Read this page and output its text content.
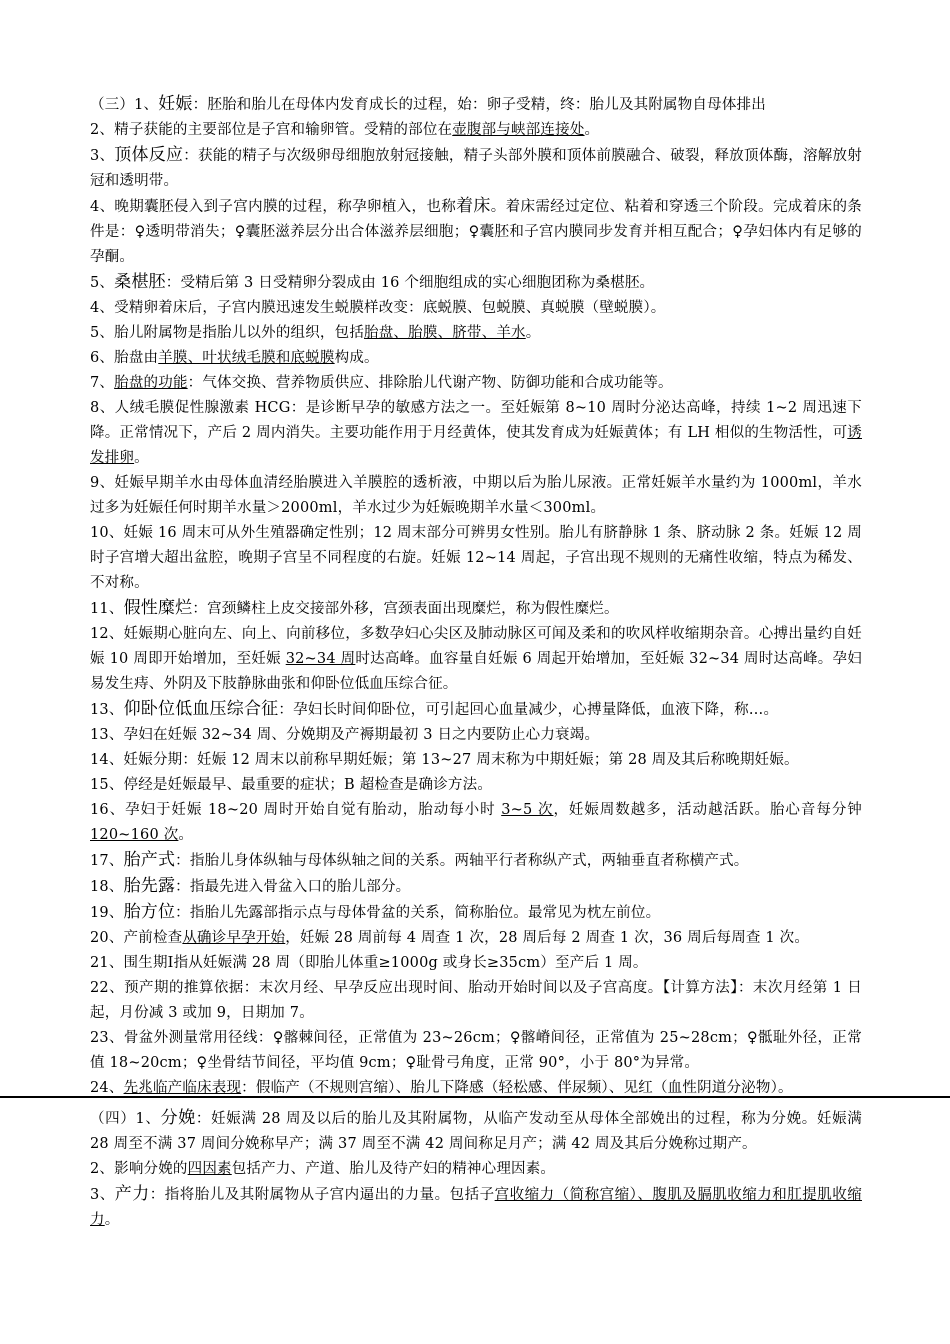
（三）1、妊娠：胚胎和胎儿在母体内发育成长的过程，始：卵子受精，终：胎儿及其附属物自母体排出

2、精子获能的主要部位是子宫和输卵管。受精的部位在壶腹部与峡部连接处。

3、顶体反应：获能的精子与次级卵母细胞放射冠接触，精子头部外膜和顶体前膜融合、破裂，释放顶体酶，溶解放射冠和透明带。

4、晚期囊胚侵入到子宫内膜的过程，称孕卵植入，也称着床。着床需经过定位、粘着和穿透三个阶段。完成着床的条件是：♀透明带消失；♀囊胚滋养层分出合体滋养层细胞；♀囊胚和子宫内膜同步发育并相互配合；♀孕妇体内有足够的孕酮。

5、桑椹胚：受精后第 3 日受精卵分裂成由 16 个细胞组成的实心细胞团称为桑椹胚。

4、受精卵着床后，子宫内膜迅速发生蜕膜样改变：底蜕膜、包蜕膜、真蜕膜（壁蜕膜）。

5、胎儿附属物是指胎儿以外的组织，包括胎盘、胎膜、脐带、羊水。

6、胎盘由羊膜、叶状绒毛膜和底蜕膜构成。

7、胎盘的功能：气体交换、营养物质供应、排除胎儿代谢产物、防御功能和合成功能等。

8、人绒毛膜促性腺激素 HCG：是诊断早孕的敏感方法之一。至妊娠第 8~10 周时分泌达高峰，持续 1~2 周迅速下降。正常情况下，产后 2 周内消失。主要功能作用于月经黄体，使其发育成为妊娠黄体；有 LH 相似的生物活性，可诱发排卵。

9、妊娠早期羊水由母体血清经胎膜进入羊膜腔的透析液，中期以后为胎儿尿液。正常妊娠羊水量约为 1000ml，羊水过多为妊娠任何时期羊水量＞2000ml，羊水过少为妊娠晚期羊水量＜300ml。

10、妊娠 16 周末可从外生殖器确定性别；12 周末部分可辨男女性别。胎儿有脐静脉 1 条、脐动脉 2 条。妊娠 12 周时子宫增大超出盆腔，晚期子宫呈不同程度的右旋。妊娠 12~14 周起，子宫出现不规则的无痛性收缩，特点为稀发、不对称。

11、假性糜烂：宫颈鳞柱上皮交接部外移，宫颈表面出现糜烂，称为假性糜烂。

12、妊娠期心脏向左、向上、向前移位，多数孕妇心尖区及肺动脉区可闻及柔和的吹风样收缩期杂音。心搏出量约自妊娠 10 周即开始增加，至妊娠 32~34 周时达高峰。血容量自妊娠 6 周起开始增加，至妊娠 32~34 周时达高峰。孕妇易发生痔、外阴及下肢静脉曲张和仰卧位低血压综合征。

13、仰卧位低血压综合征：孕妇长时间仰卧位，可引起回心血量减少，心搏量降低，血液下降，称…。

13、孕妇在妊娠 32~34 周、分娩期及产褥期最初 3 日之内要防止心力衰竭。

14、妊娠分期：妊娠 12 周末以前称早期妊娠；第 13~27 周末称为中期妊娠；第 28 周及其后称晚期妊娠。

15、停经是妊娠最早、最重要的症状；B 超检查是确诊方法。

16、孕妇于妊娠 18~20 周时开始自觉有胎动，胎动每小时 3~5 次，妊娠周数越多，活动越活跃。胎心音每分钟 120~160 次。

17、胎产式：指胎儿身体纵轴与母体纵轴之间的关系。两轴平行者称纵产式，两轴垂直者称横产式。

18、胎先露：指最先进入骨盆入口的胎儿部分。

19、胎方位：指胎儿先露部指示点与母体骨盆的关系，简称胎位。最常见为枕左前位。

20、产前检查从确诊早孕开始，妊娠 28 周前每 4 周查 1 次，28 周后每 2 周查 1 次，36 周后每周查 1 次。

21、围生期Ⅰ指从妊娠满 28 周（即胎儿体重≥1000g 或身长≥35cm）至产后 1 周。

22、预产期的推算依据：末次月经、早孕反应出现时间、胎动开始时间以及子宫高度。【计算方法】：末次月经第 1 日起，月份减 3 或加 9，日期加 7。

23、骨盆外测量常用径线：♀髂棘间径，正常值为 23~26cm；♀髂嵴间径，正常值为 25~28cm；♀骶耻外径，正常值 18~20cm；♀坐骨结节间径，平均值 9cm；♀耻骨弓角度，正常 90°，小于 80°为异常。

24、先兆临产临床表现：假临产（不规则宫缩）、胎儿下降感（轻松感、伴尿频）、见红（血性阴道分泌物）。

（四）1、分娩：妊娠满 28 周及以后的胎儿及其附属物，从临产发动至从母体全部娩出的过程，称为分娩。妊娠满 28 周至不满 37 周间分娩称早产；满 37 周至不满 42 周间称足月产；满 42 周及其后分娩称过期产。

2、影响分娩的四因素包括产力、产道、胎儿及待产妇的精神心理因素。

3、产力：指将胎儿及其附属物从子宫内逼出的力量。包括子宫收缩力（简称宫缩）、腹肌及膈肌收缩力和肛提肌收缩力。
